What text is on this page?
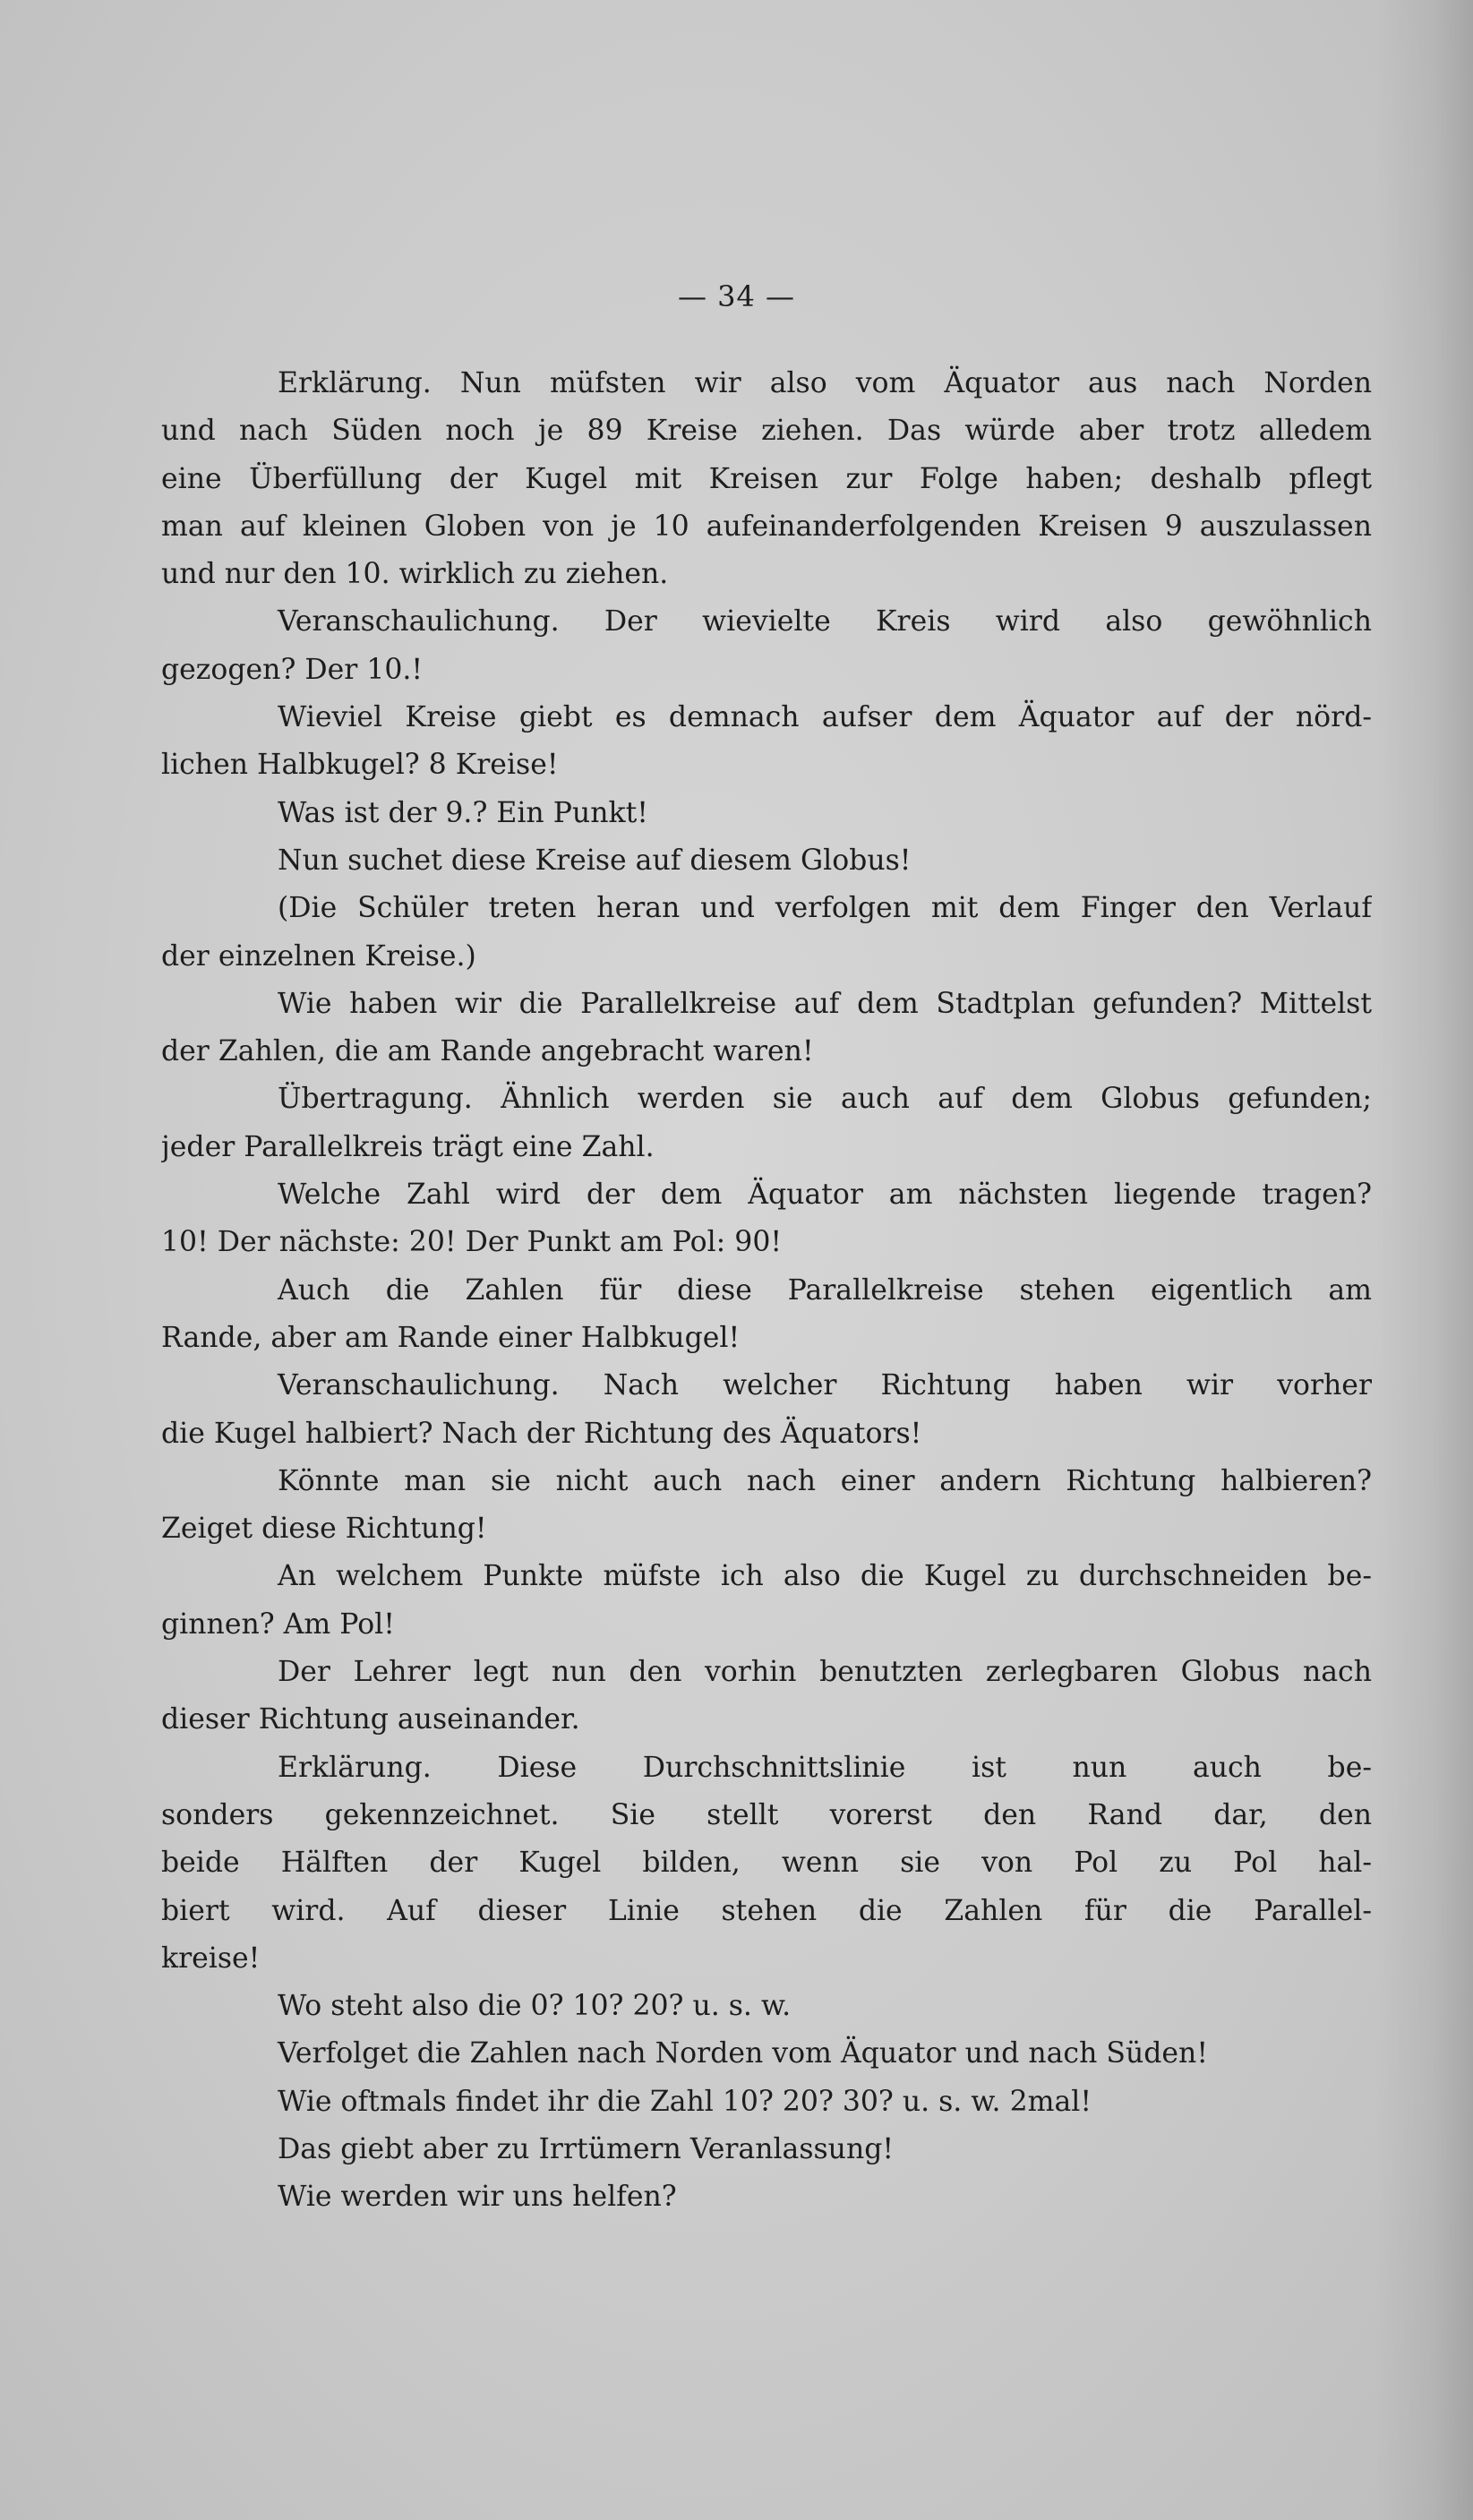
— 34 —
Erklärung. Nun müfsten wir also vom Äquator aus nach Norden
und nach Süden noch je 89 Kreise ziehen. Das würde aber trotz alledem
eine Überfüllung der Kugel mit Kreisen zur Folge haben; deshalb pflegt
man auf kleinen Globen von je 10 aufeinanderfolgenden Kreisen 9 auszulassen
und nur den 10. wirklich zu ziehen.
Veranschaulichung. Der wievielte Kreis wird also gewöhnlich
gezogen? Der 10.!
Wieviel Kreise giebt es demnach aufser dem Äquator auf der nörd-
lichen Halbkugel? 8 Kreise!
Was ist der 9.? Ein Punkt!
Nun suchet diese Kreise auf diesem Globus!
(Die Schüler treten heran und verfolgen mit dem Finger den Verlauf
der einzelnen Kreise.)
Wie haben wir die Parallelkreise auf dem Stadtplan gefunden? Mittelst
der Zahlen, die am Rande angebracht waren!
Übertragung. Ähnlich werden sie auch auf dem Globus gefunden;
jeder Parallelkreis trägt eine Zahl.
Welche Zahl wird der dem Äquator am nächsten liegende tragen?
10! Der nächste: 20! Der Punkt am Pol: 90!
Auch die Zahlen für diese Parallelkreise stehen eigentlich am
Rande, aber am Rande einer Halbkugel!
Veranschaulichung. Nach welcher Richtung haben wir vorher
die Kugel halbiert? Nach der Richtung des Äquators!
Könnte man sie nicht auch nach einer andern Richtung halbieren?
Zeiget diese Richtung!
An welchem Punkte müfste ich also die Kugel zu durchschneiden be-
ginnen? Am Pol!
Der Lehrer legt nun den vorhin benutzten zerlegbaren Globus nach
dieser Richtung auseinander.
Erklärung. Diese Durchschnittslinie ist nun auch be-
sonders gekennzeichnet. Sie stellt vorerst den Rand dar, den
beide Hälften der Kugel bilden, wenn sie von Pol zu Pol hal-
biert wird. Auf dieser Linie stehen die Zahlen für die Parallel-
kreise!
Wo steht also die 0? 10? 20? u. s. w.
Verfolget die Zahlen nach Norden vom Äquator und nach Süden!
Wie oftmals findet ihr die Zahl 10? 20? 30? u. s. w. 2mal!
Das giebt aber zu Irrtümern Veranlassung!
Wie werden wir uns helfen?
